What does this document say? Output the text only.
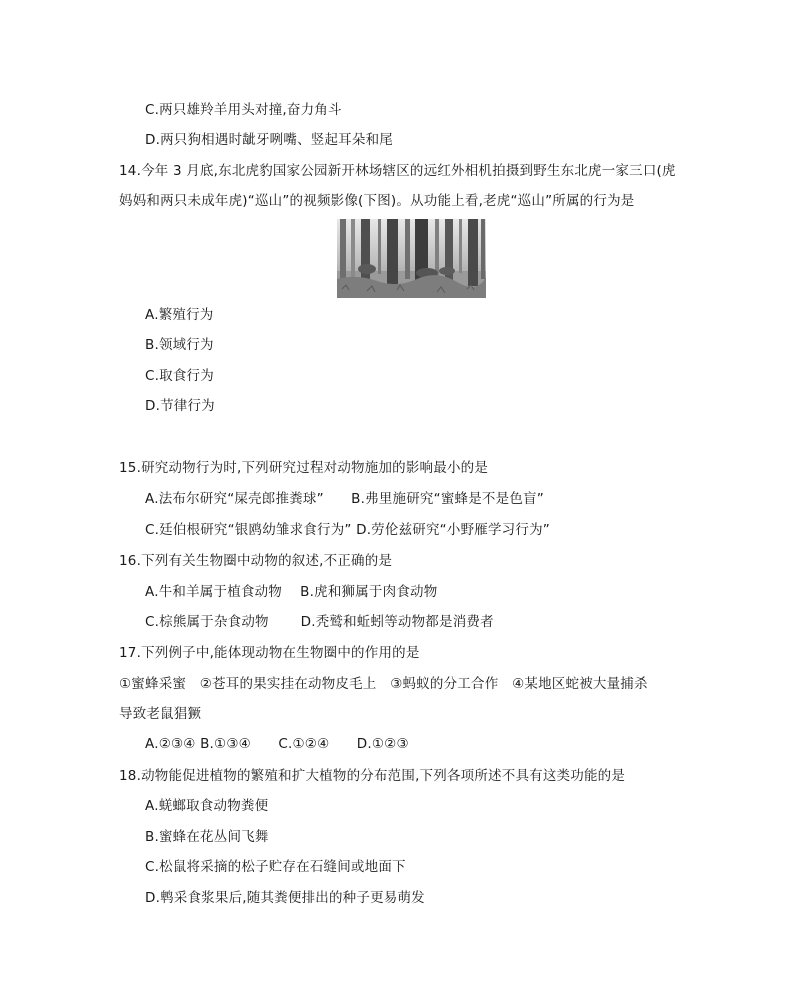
C.两只雄羚羊用头对撞,奋力角斗
D.两只狗相遇时龇牙咧嘴、竖起耳朵和尾
14.今年 3 月底,东北虎豹国家公园新开林场辖区的远红外相机拍摄到野生东北虎一家三口(虎
妈妈和两只未成年虎)“巡山”的视频影像(下图)。从功能上看,老虎“巡山”所属的行为是
A.繁殖行为
B.领域行为
C.取食行为
D.节律行为
15.研究动物行为时,下列研究过程对动物施加的影响最小的是
A.法布尔研究“屎壳郎推粪球”　　B.弗里施研究“蜜蜂是不是色盲”
C.廷伯根研究“银鸥幼雏求食行为” D.劳伦兹研究“小野雁学习行为”
16.下列有关生物圈中动物的叙述,不正确的是
A.牛和羊属于植食动物　 B.虎和狮属于肉食动物
C.棕熊属于杂食动物　　 D.秃鹫和蚯蚓等动物都是消费者
17.下列例子中,能体现动物在生物圈中的作用的是
①蜜蜂采蜜　②苍耳的果实挂在动物皮毛上　③蚂蚁的分工合作　④某地区蛇被大量捕杀
导致老鼠猖獗
A.②③④ B.①③④　　C.①②④　　D.①②③
18.动物能促进植物的繁殖和扩大植物的分布范围,下列各项所述不具有这类功能的是
A.蜣螂取食动物粪便
B.蜜蜂在花丛间飞舞
C.松鼠将采摘的松子贮存在石缝间或地面下
D.鹎采食浆果后,随其粪便排出的种子更易萌发
